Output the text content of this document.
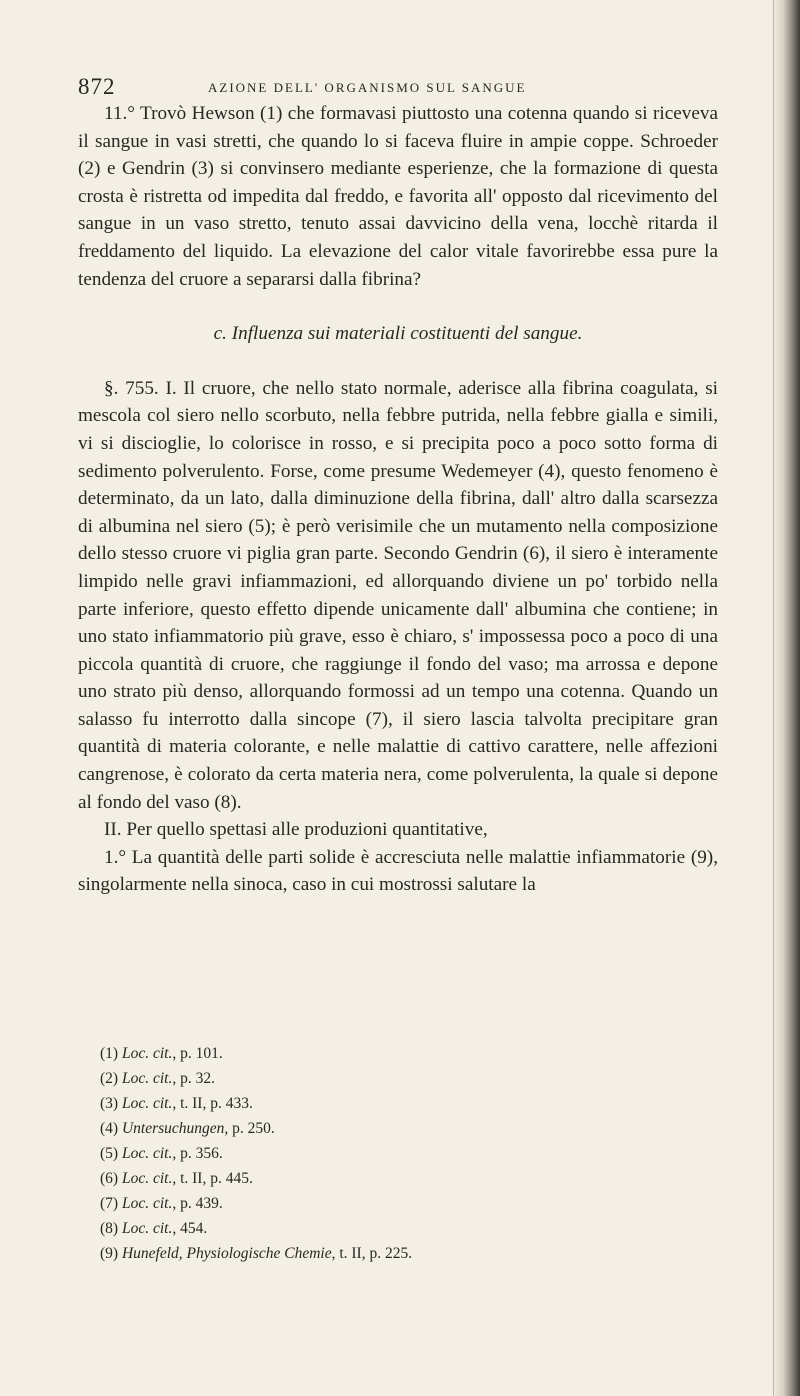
872	AZIONE DELL' ORGANISMO SUL SANGUE

11.° Trovò Hewson (1) che formavasi piuttosto una cotenna quando si riceveva il sangue in vasi stretti, che quando lo si faceva fluire in ampie coppe. Schroeder (2) e Gendrin (3) si convinsero mediante esperienze, che la formazione di questa crosta è ristretta od impedita dal freddo, e favorita all' opposto dal ricevimento del sangue in un vaso stretto, tenuto assai davvicino della vena, locchè ritarda il freddamento del liquido. La elevazione del calor vitale favorirebbe essa pure la tendenza del cruore a separarsi dalla fibrina?

c. Influenza sui materiali costituenti del sangue.

§. 755. I. Il cruore, che nello stato normale, aderisce alla fibrina coagulata, si mescola col siero nello scorbuto, nella febbre putrida, nella febbre gialla e simili, vi si discioglie, lo colorisce in rosso, e si precipita poco a poco sotto forma di sedimento polverulento. Forse, come presume Wedemeyer (4), questo fenomeno è determinato, da un lato, dalla diminuzione della fibrina, dall' altro dalla scarsezza di albumina nel siero (5); è però verisimile che un mutamento nella composizione dello stesso cruore vi piglia gran parte. Secondo Gendrin (6), il siero è interamente limpido nelle gravi infiammazioni, ed allorquando diviene un po' torbido nella parte inferiore, questo effetto dipende unicamente dall' albumina che contiene; in uno stato infiammatorio più grave, esso è chiaro, s' impossessa poco a poco di una piccola quantità di cruore, che raggiunge il fondo del vaso; ma arrossa e depone uno strato più denso, allorquando formossi ad un tempo una cotenna. Quando un salasso fu interrotto dalla sincope (7), il siero lascia talvolta precipitare gran quantità di materia colorante, e nelle malattie di cattivo carattere, nelle affezioni cangrenose, è colorato da certa materia nera, come polverulenta, la quale si depone al fondo del vaso (8).

II. Per quello spettasi alle produzioni quantitative,

1.° La quantità delle parti solide è accresciuta nelle malattie infiammatorie (9), singolarmente nella sinoca, caso in cui mostrossi salutare la

(1) Loc. cit., p. 101.
(2) Loc. cit., p. 32.
(3) Loc. cit., t. II, p. 433.
(4) Untersuchungen, p. 250.
(5) Loc. cit., p. 356.
(6) Loc. cit., t. II, p. 445.
(7) Loc. cit., p. 439.
(8) Loc. cit., 454.
(9) Hunefeld, Physiologische Chemie, t. II, p. 225.
